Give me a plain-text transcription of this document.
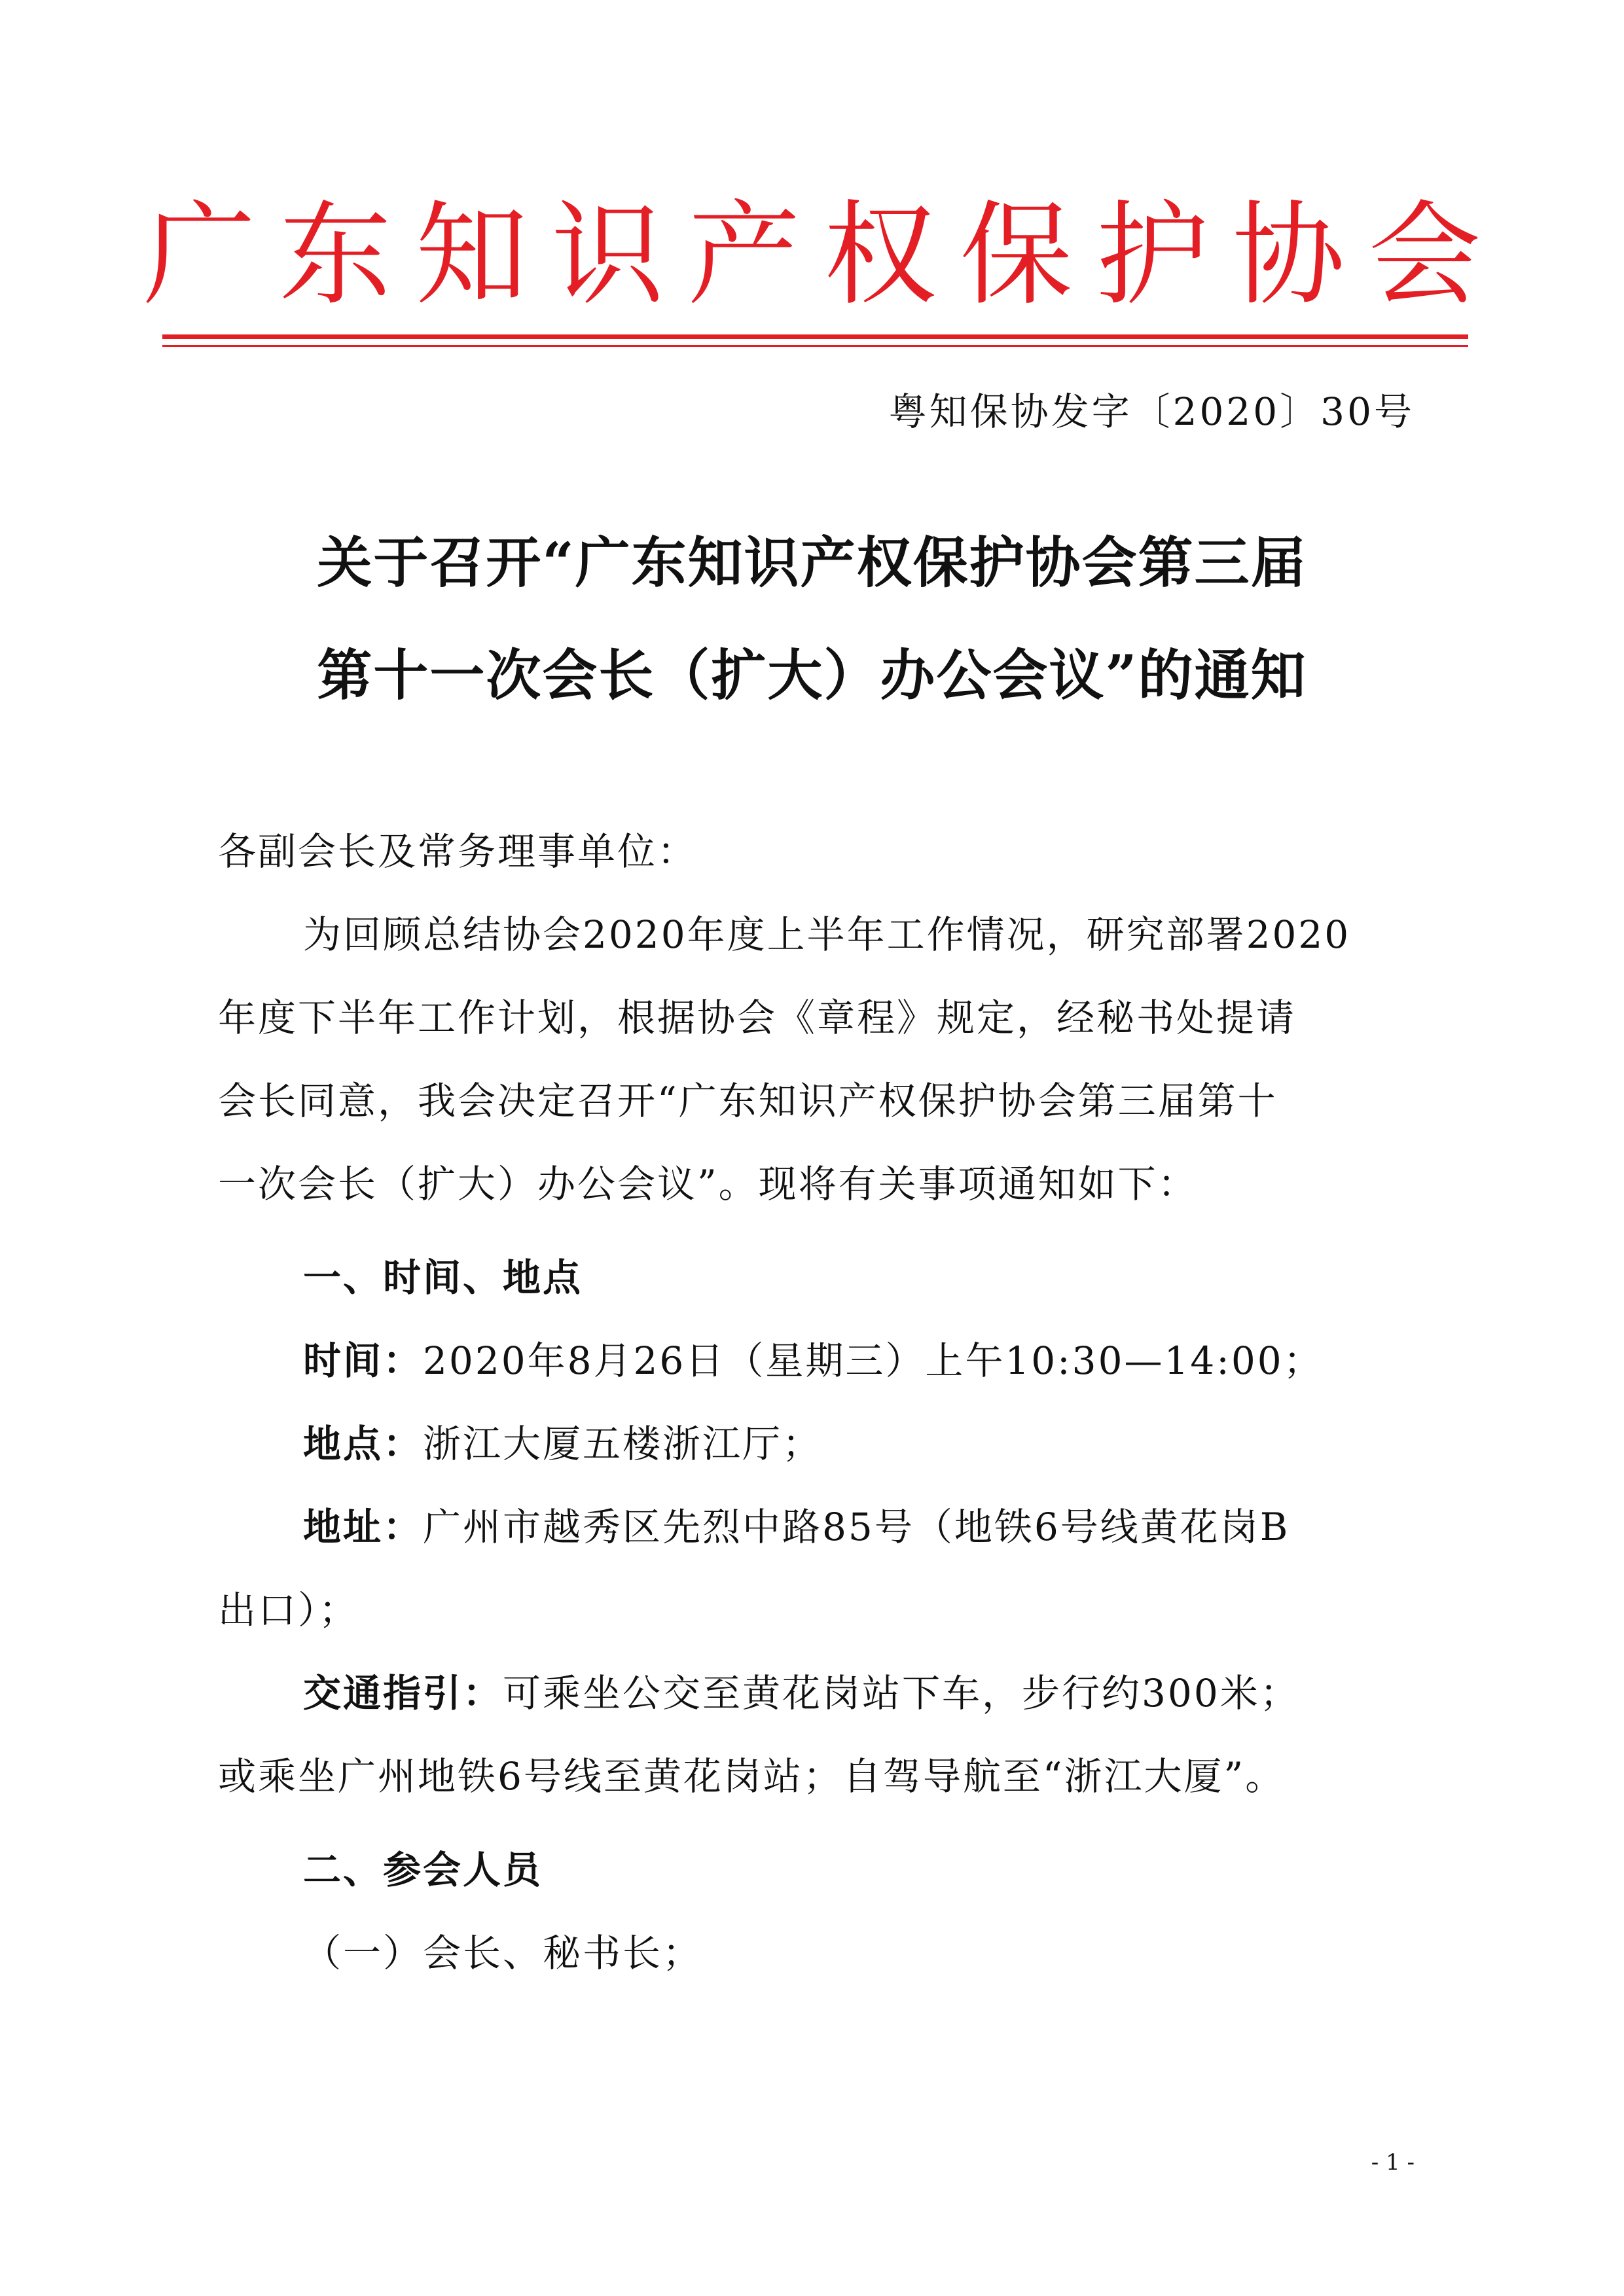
广东知识产权保护协会
粤知保协发字〔2020〕30号
关于召开“广东知识产权保护协会第三届
第十一次会长（扩大）办公会议”的通知
各副会长及常务理事单位：
为回顾总结协会2020年度上半年工作情况，研究部署2020
年度下半年工作计划，根据协会《章程》规定，经秘书处提请
会长同意，我会决定召开“广东知识产权保护协会第三届第十
一次会长（扩大）办公会议”。现将有关事项通知如下：
一、时间、地点
时间：2020年8月26日（星期三）上午10:30—14:00；
地点：浙江大厦五楼浙江厅；
地址：广州市越秀区先烈中路85号（地铁6号线黄花岗B
出口）；
交通指引：可乘坐公交至黄花岗站下车，步行约300米；
或乘坐广州地铁6号线至黄花岗站；自驾导航至“浙江大厦”。
二、参会人员
（一）会长、秘书长；
- 1 -
